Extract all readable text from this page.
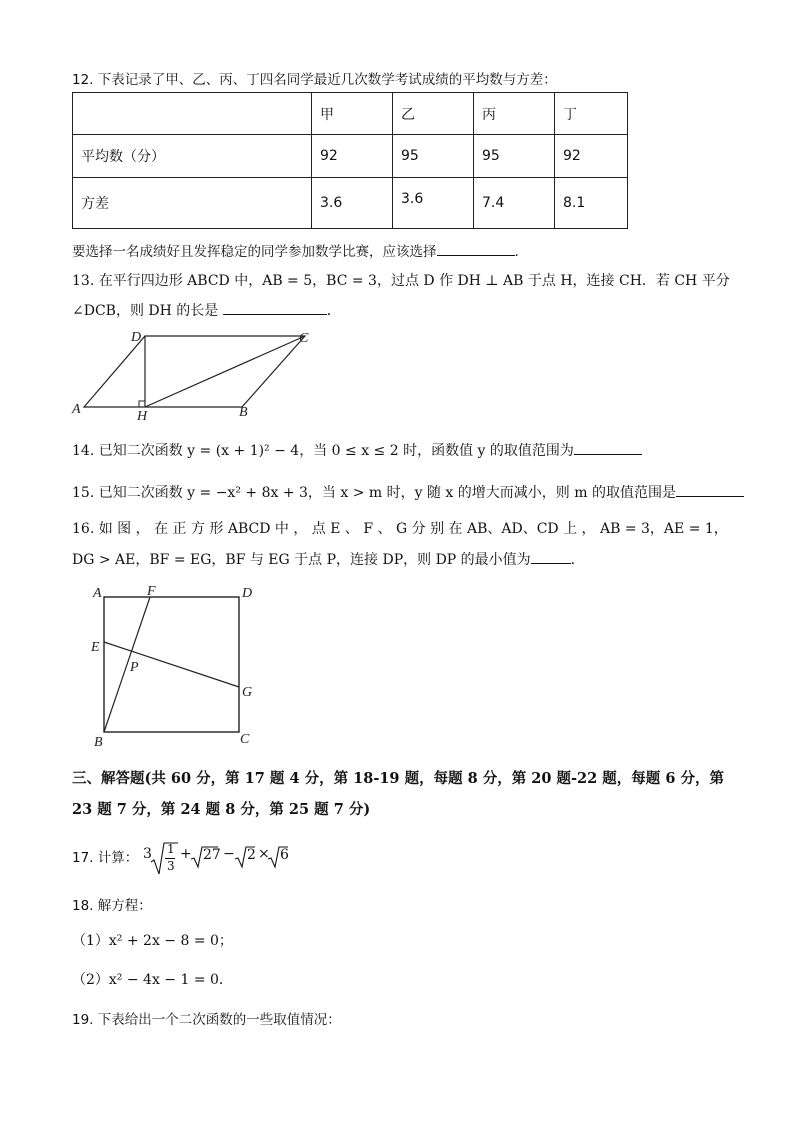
12. 下表记录了甲、乙、丙、丁四名同学最近几次数学考试成绩的平均数与方差：
	甲	乙	丙	丁
平均数（分）	92	95	95	92
方差	3.6	3.6	7.4	8.1
要选择一名成绩好且发挥稳定的同学参加数学比赛，应该选择	.
13. 在平行四边形 ABCD 中，AB = 5，BC = 3，过点 D 作 DH ⊥ AB 于点 H，连接 CH．若 CH 平分
∠DCB，则 DH 的长是	．
D	C
A	H	B
14. 已知二次函数 y = (x + 1)² − 4，当 0 ≤ x ≤ 2 时，函数值 y 的取值范围为
15. 已知二次函数 y = −x² + 8x + 3，当 x > m 时，y 随 x 的增大而减小，则 m 的取值范围是
16. 如 图 ， 在 正 方 形 ABCD 中 ， 点 E 、 F 、 G 分 别 在 AB、AD、CD 上 ， AB = 3，AE = 1，
DG > AE，BF = EG，BF 与 EG 于点 P，连接 DP，则 DP 的最小值为	.
A	F	D
E
P
G
B	C
三、解答题(共 60 分，第 17 题 4 分，第 18-19 题，每题 8 分，第 20 题-22 题，每题 6 分，第
23 题 7 分，第 24 题 8 分，第 25 题 7 分)
17. 计算： 3 1
3
+ 27 − 2 × 6
18. 解方程：
（1）x² + 2x − 8 = 0；
（2）x² − 4x − 1 = 0．
19. 下表给出一个二次函数的一些取值情况：
